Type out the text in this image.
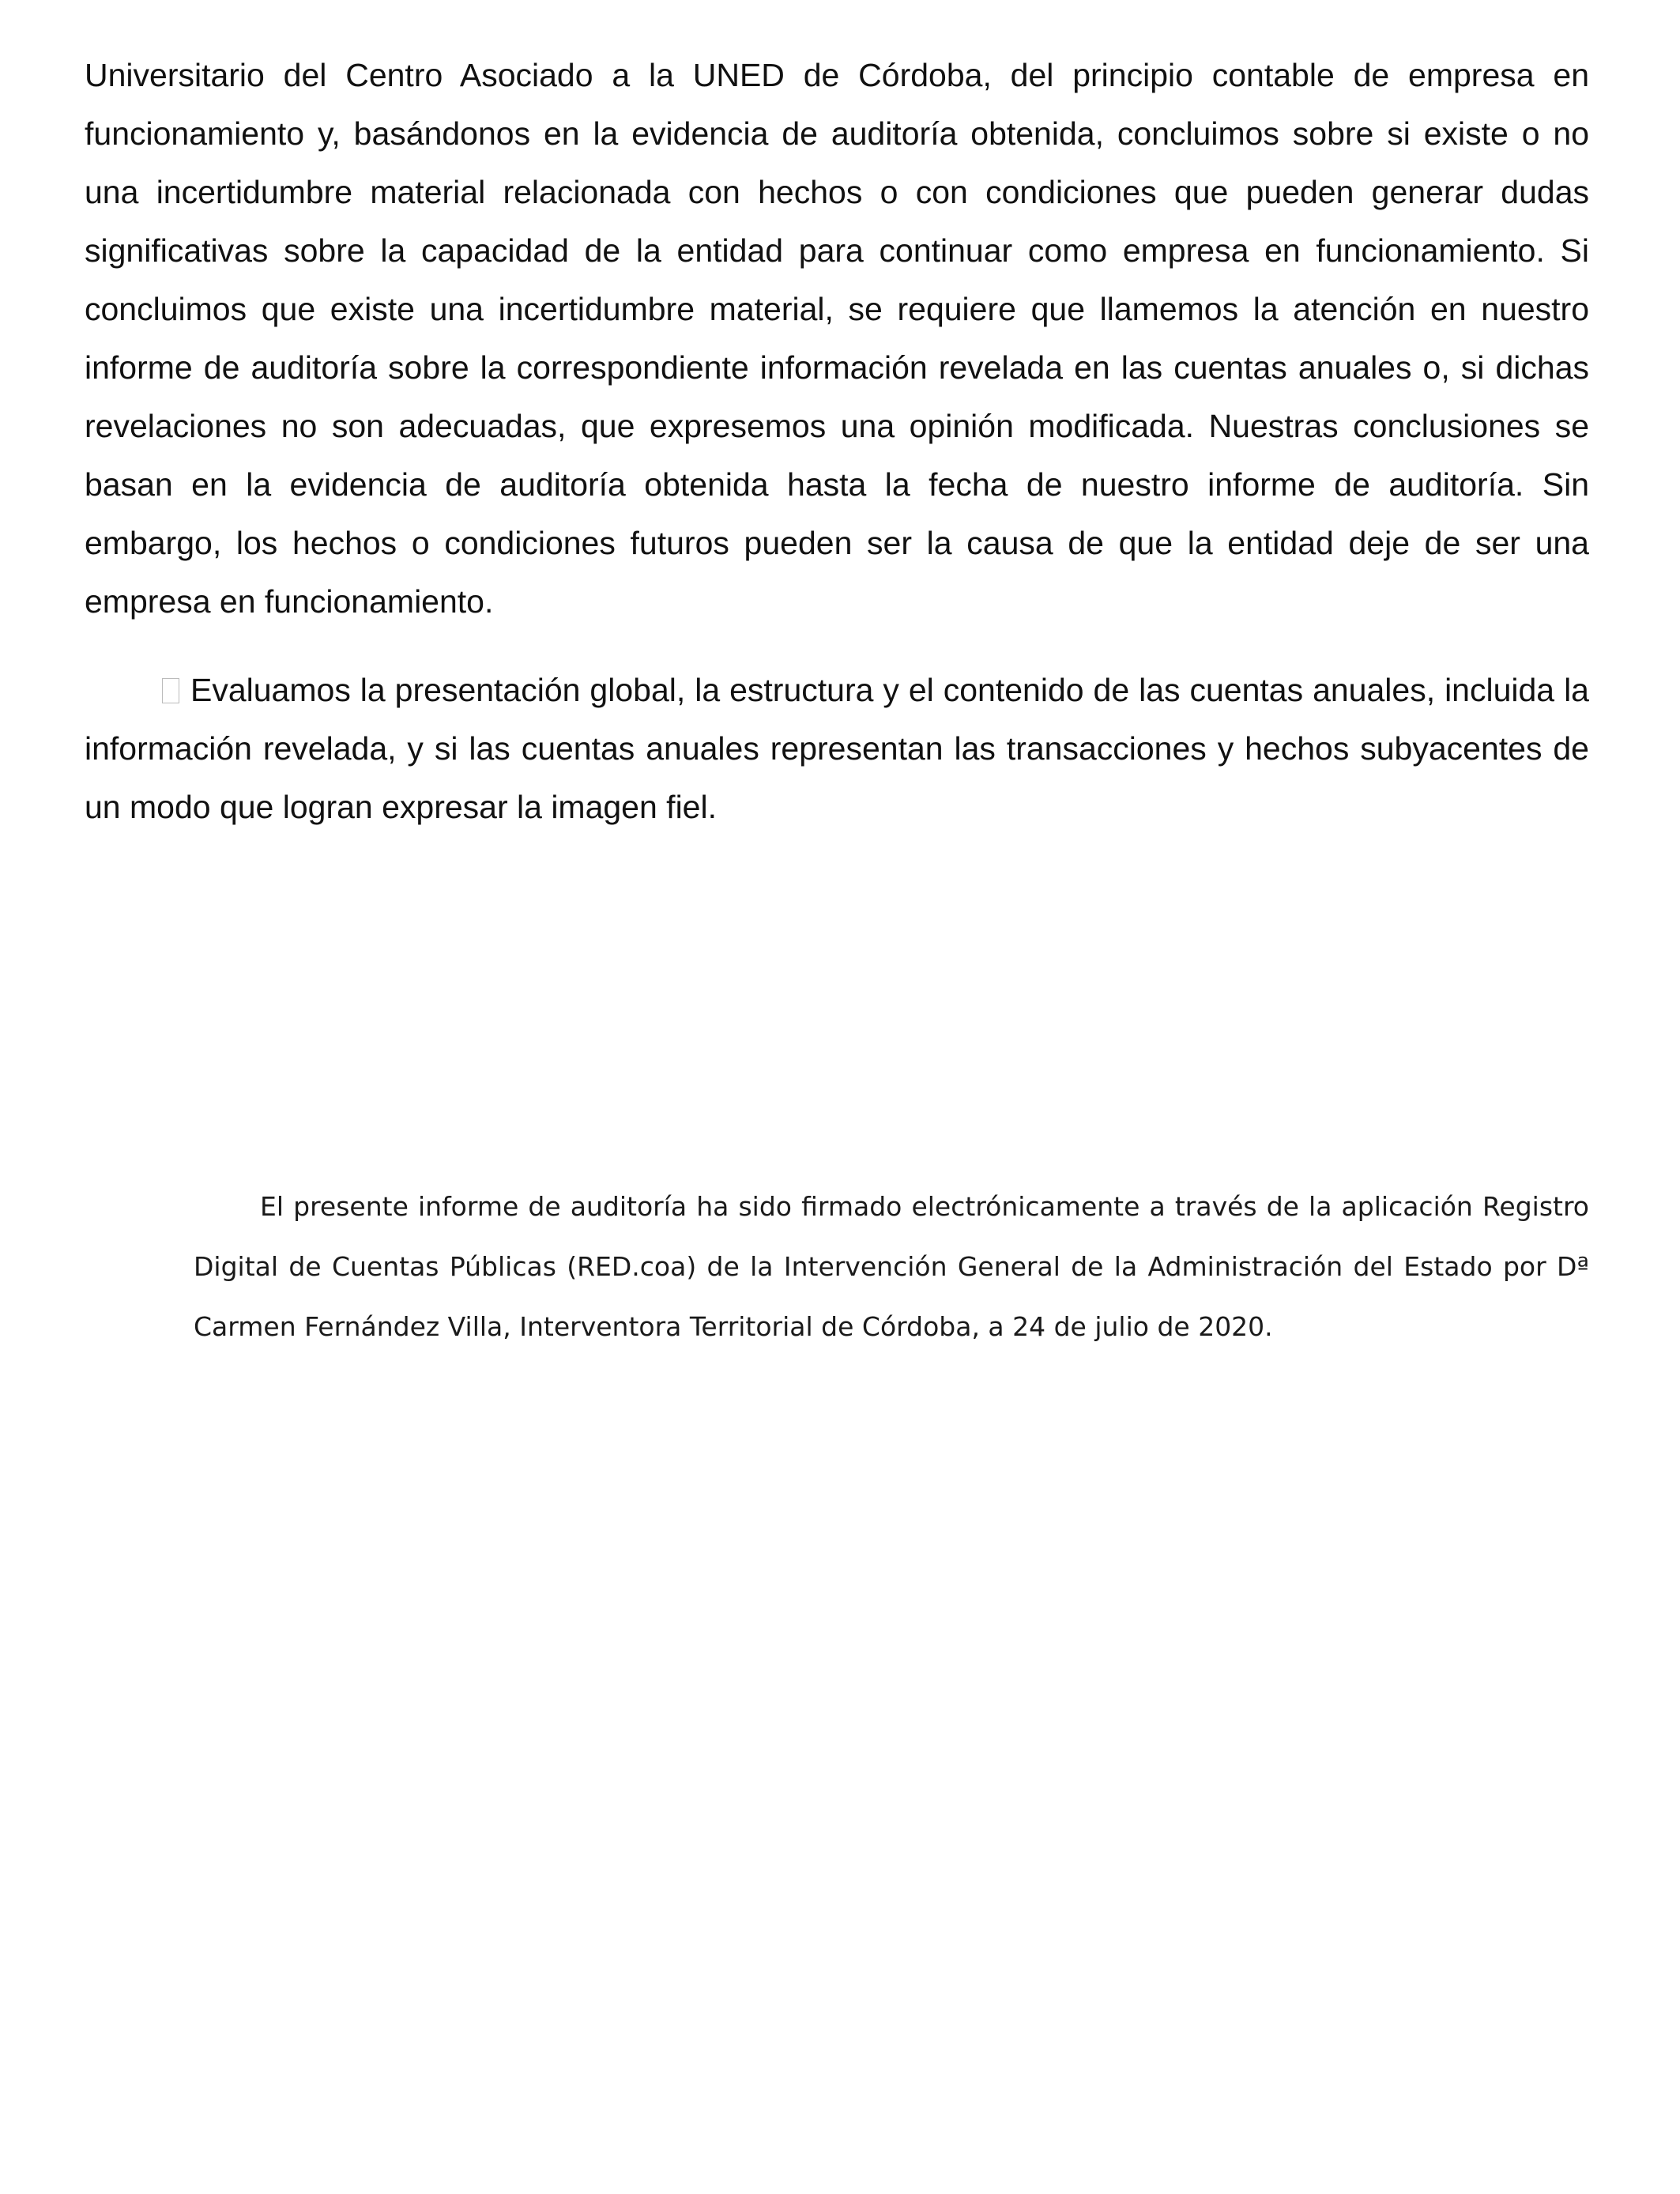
Universitario del Centro Asociado a la UNED de Córdoba, del principio contable de empresa en funcionamiento y, basándonos en la evidencia de auditoría obtenida, concluimos sobre si existe o no una incertidumbre material relacionada con hechos o con condiciones que pueden generar dudas significativas sobre la capacidad de la entidad para continuar como empresa en funcionamiento. Si concluimos que existe una incertidumbre material, se requiere que llamemos la atención en nuestro informe de auditoría sobre la correspondiente información revelada en las cuentas anuales o, si dichas revelaciones no son adecuadas, que expresemos una opinión modificada. Nuestras conclusiones se basan en la evidencia de auditoría obtenida hasta la fecha de nuestro informe de auditoría. Sin embargo, los hechos o condiciones futuros pueden ser la causa de que la entidad deje de ser una empresa en funcionamiento.

Evaluamos la presentación global, la estructura y el contenido de las cuentas anuales, incluida la información revelada, y si las cuentas anuales representan las transacciones y hechos subyacentes de un modo que logran expresar la imagen fiel.

El presente informe de auditoría ha sido firmado electrónicamente a través de la aplicación Registro Digital de Cuentas Públicas (RED.coa) de la Intervención General de la Administración del Estado por Dª Carmen Fernández Villa, Interventora Territorial de Córdoba, a 24 de julio de 2020.
